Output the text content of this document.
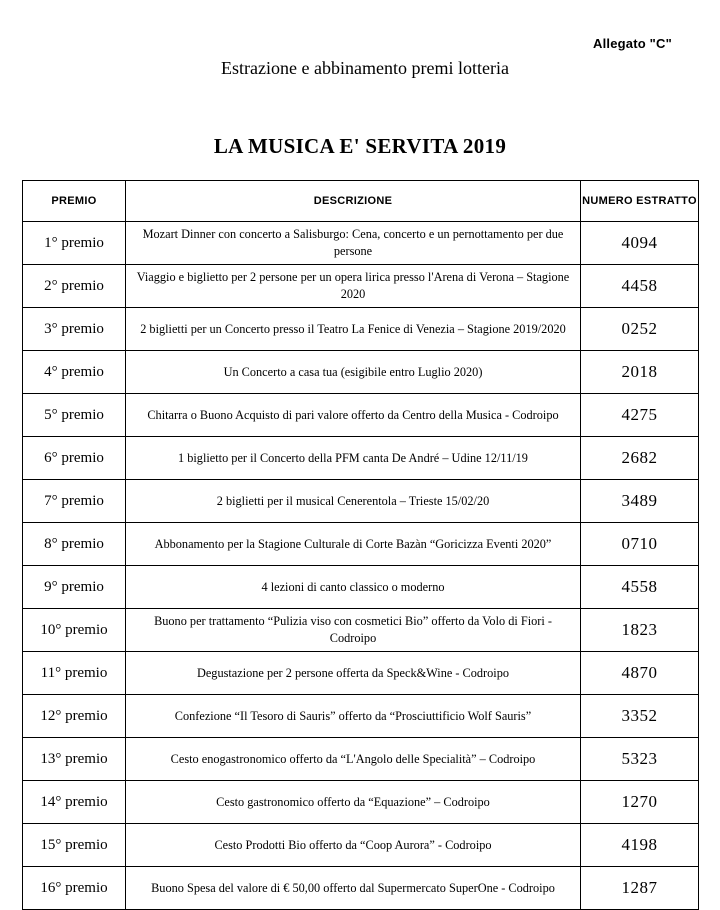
Allegato "C"
Estrazione e abbinamento premi lotteria
LA MUSICA E' SERVITA 2019
PREMIO	DESCRIZIONE	NUMERO ESTRATTO
1° premio	Mozart Dinner con concerto a Salisburgo: Cena, concerto e un pernottamento per due persone	4094
2° premio	Viaggio e biglietto per 2 persone per un opera lirica presso l'Arena di Verona – Stagione 2020	4458
3° premio	2 biglietti per un Concerto presso il Teatro La Fenice di Venezia – Stagione 2019/2020	0252
4° premio	Un Concerto a casa tua (esigibile entro Luglio 2020)	2018
5° premio	Chitarra o Buono Acquisto di pari valore offerto da Centro della Musica - Codroipo	4275
6° premio	1 biglietto per il Concerto della PFM canta De André – Udine 12/11/19	2682
7° premio	2 biglietti per il musical Cenerentola – Trieste 15/02/20	3489
8° premio	Abbonamento per la Stagione Culturale di Corte Bazàn “Goricizza Eventi 2020”	0710
9° premio	4 lezioni di canto classico o moderno	4558
10° premio	Buono per trattamento “Pulizia viso con cosmetici Bio” offerto da Volo di Fiori - Codroipo	1823
11° premio	Degustazione per 2 persone offerta da Speck&Wine - Codroipo	4870
12° premio	Confezione “Il Tesoro di Sauris” offerto da “Prosciuttificio Wolf Sauris”	3352
13° premio	Cesto enogastronomico offerto da “L'Angolo delle Specialità” – Codroipo	5323
14° premio	Cesto gastronomico offerto da “Equazione” – Codroipo	1270
15° premio	Cesto Prodotti Bio offerto da “Coop Aurora” - Codroipo	4198
16° premio	Buono Spesa del valore di € 50,00 offerto dal Supermercato SuperOne - Codroipo	1287
